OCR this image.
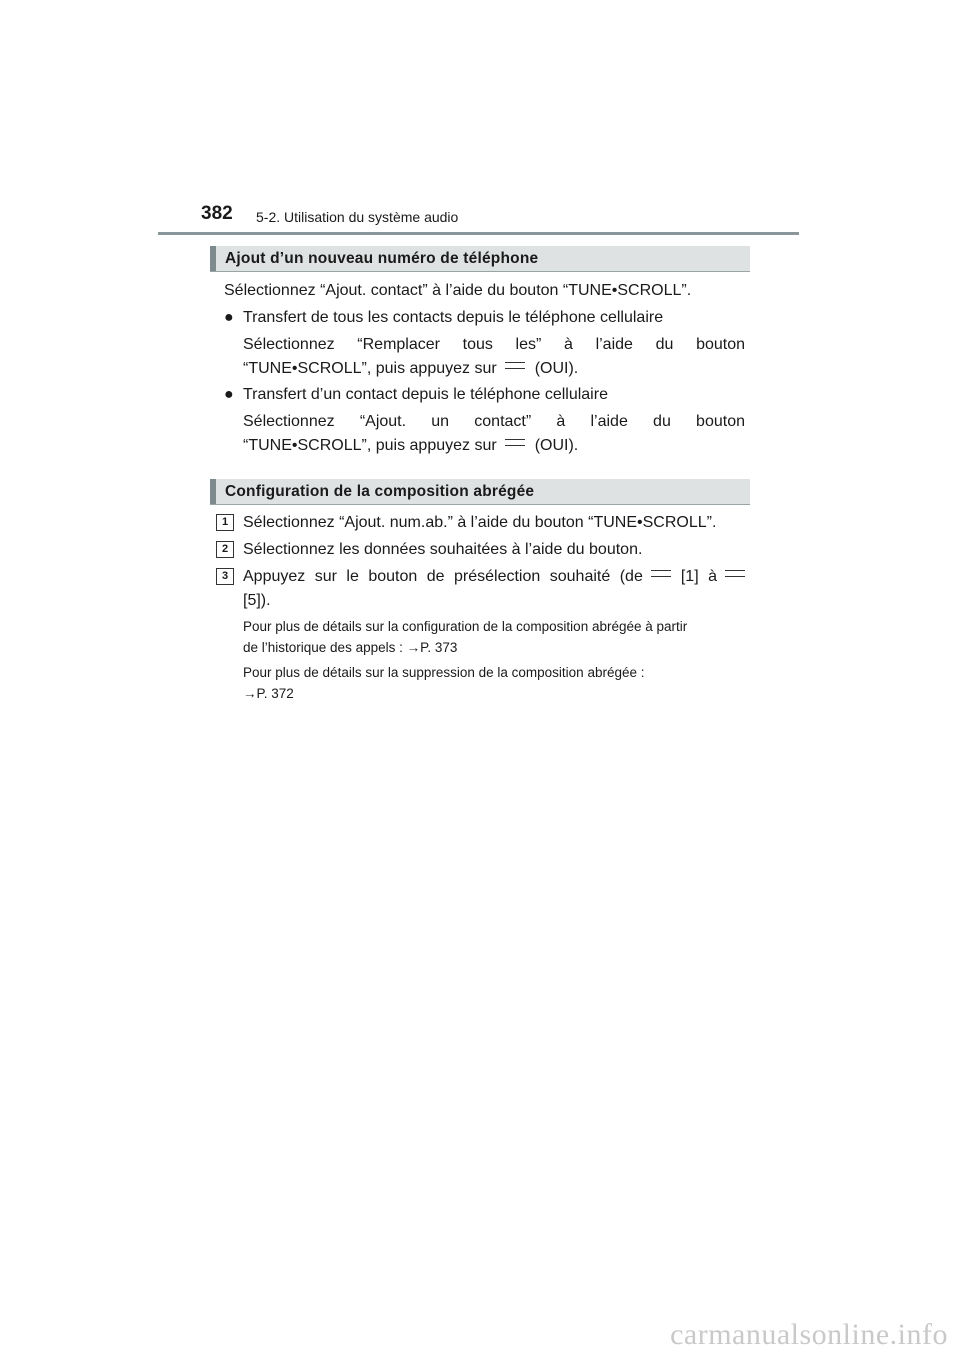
382 5-2. Utilisation du système audio
Ajout d’un nouveau numéro de téléphone
Sélectionnez “Ajout. contact” à l’aide du bouton “TUNE•SCROLL”.
● Transfert de tous les contacts depuis le téléphone cellulaire
Sélectionnez “Remplacer tous les” à l’aide du bouton
“TUNE•SCROLL”, puis appuyez sur (OUI).
● Transfert d’un contact depuis le téléphone cellulaire
Sélectionnez “Ajout. un contact” à l’aide du bouton
“TUNE•SCROLL”, puis appuyez sur (OUI).
Configuration de la composition abrégée
1 Sélectionnez “Ajout. num.ab.” à l’aide du bouton “TUNE•SCROLL”.
2 Sélectionnez les données souhaitées à l’aide du bouton.
3 Appuyez sur le bouton de présélection souhaité (de [1] à
[5]).
Pour plus de détails sur la configuration de la composition abrégée à partir
de l’historique des appels : →P. 373
Pour plus de détails sur la suppression de la composition abrégée :
→P. 372
carmanualsonline.info
